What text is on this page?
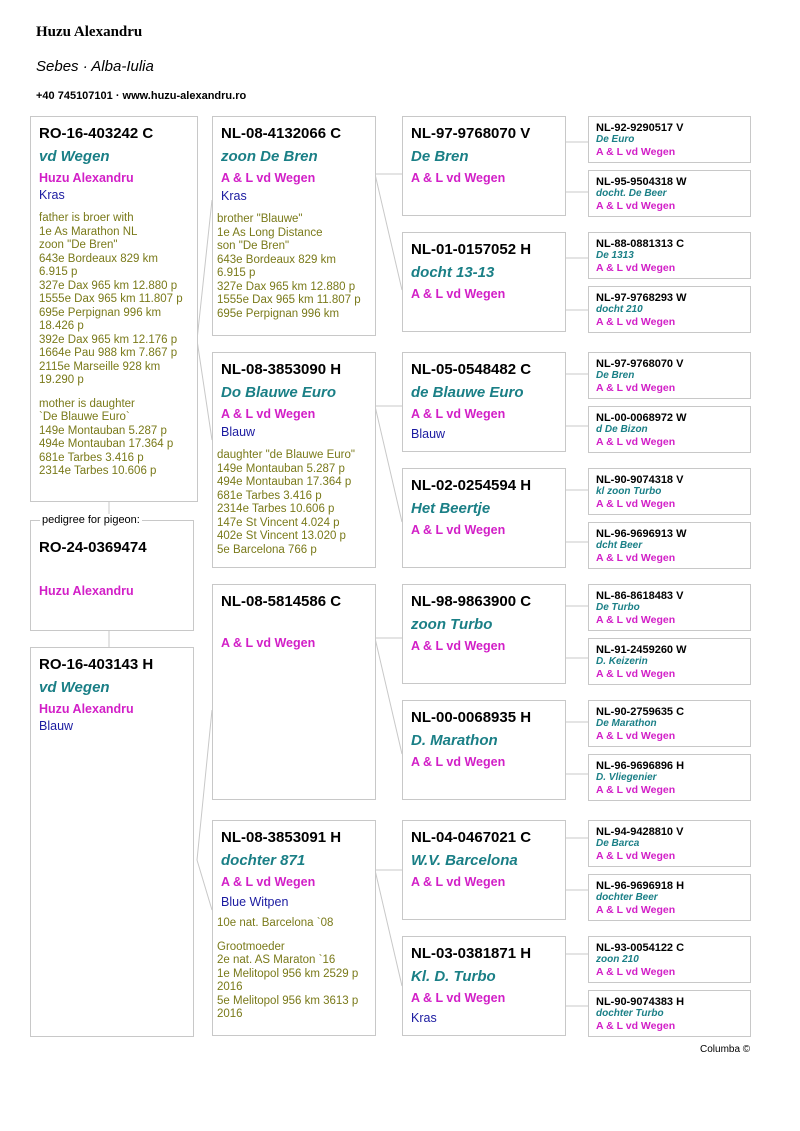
Huzu Alexandru
Sebes · Alba-Iulia
+40 745107101 · www.huzu-alexandru.ro
RO-16-403242 C
vd Wegen
Huzu Alexandru
Kras
father is broer with
1e As Marathon NL
zoon "De Bren"
643e Bordeaux 829 km
6.915 p
327e Dax 965 km 12.880 p
1555e Dax 965 km 11.807 p
695e Perpignan 996 km
18.426 p
392e Dax 965 km 12.176 p
1664e Pau 988 km 7.867 p
2115e Marseille 928 km
19.290 p
mother is daughter
`De Blauwe Euro`
149e Montauban 5.287 p
494e Montauban 17.364 p
681e Tarbes 3.416 p
2314e Tarbes 10.606 p
RO-24-0369474
Huzu Alexandru
pedigree for pigeon:
RO-16-403143 H
vd Wegen
Huzu Alexandru
Blauw
NL-08-4132066 C
zoon De Bren
A & L vd Wegen
Kras
brother "Blauwe"
1e As Long Distance
son "De Bren"
643e Bordeaux 829 km
6.915 p
327e Dax 965 km 12.880 p
1555e Dax 965 km 11.807 p
695e Perpignan 996 km
NL-08-3853090 H
Do Blauwe Euro
A & L vd Wegen
Blauw
daughter "de Blauwe Euro"
149e Montauban 5.287 p
494e Montauban 17.364 p
681e Tarbes 3.416 p
2314e Tarbes 10.606 p
147e St Vincent 4.024 p
402e St Vincent 13.020 p
5e Barcelona 766 p
NL-08-5814586 C
A & L vd Wegen
NL-08-3853091 H
dochter 871
A & L vd Wegen
Blue Witpen
10e nat. Barcelona `08
Grootmoeder
2e nat. AS Maraton `16
1e Melitopol 956 km 2529 p
2016
5e Melitopol 956 km 3613 p
2016
NL-97-9768070 V
De Bren
A & L vd Wegen
NL-01-0157052 H
docht 13-13
A & L vd Wegen
NL-05-0548482 C
de Blauwe Euro
A & L vd Wegen
Blauw
NL-02-0254594 H
Het Beertje
A & L vd Wegen
NL-98-9863900 C
zoon Turbo
A & L vd Wegen
NL-00-0068935 H
D. Marathon
A & L vd Wegen
NL-04-0467021 C
W.V. Barcelona
A & L vd Wegen
NL-03-0381871 H
Kl. D. Turbo
A & L vd Wegen
Kras
NL-92-9290517 V
De Euro
A & L vd Wegen
NL-95-9504318 W
docht. De Beer
A & L vd Wegen
NL-88-0881313 C
De 1313
A & L vd Wegen
NL-97-9768293 W
docht 210
A & L vd Wegen
NL-97-9768070 V
De Bren
A & L vd Wegen
NL-00-0068972 W
d De Bizon
A & L vd Wegen
NL-90-9074318 V
kl zoon Turbo
A & L vd Wegen
NL-96-9696913 W
dcht Beer
A & L vd Wegen
NL-86-8618483 V
De Turbo
A & L vd Wegen
NL-91-2459260 W
D. Keizerin
A & L vd Wegen
NL-90-2759635 C
De Marathon
A & L vd Wegen
NL-96-9696896 H
D. Vliegenier
A & L vd Wegen
NL-94-9428810 V
De Barca
A & L vd Wegen
NL-96-9696918 H
dochter Beer
A & L vd Wegen
NL-93-0054122 C
zoon 210
A & L vd Wegen
NL-90-9074383 H
dochter Turbo
A & L vd Wegen
Columba ©
